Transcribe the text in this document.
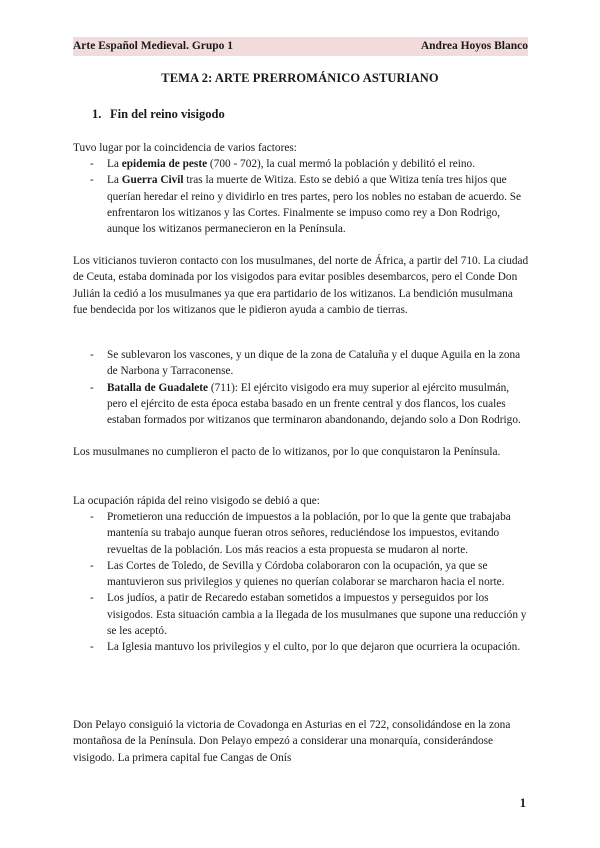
Arte Español Medieval. Grupo 1	Andrea Hoyos Blanco
TEMA 2: ARTE PRERROMÁNICO ASTURIANO
1. Fin del reino visigodo

Tuvo lugar por la coincidencia de varios factores:

- La epidemia de peste (700 - 702), la cual mermó la población y debilitó el reino.
- La Guerra Civil tras la muerte de Witiza. Esto se debió a que Witiza tenía tres hijos que querían heredar el reino y dividirlo en tres partes, pero los nobles no estaban de acuerdo. Se enfrentaron los witizanos y las Cortes. Finalmente se impuso como rey a Don Rodrigo, aunque los witizanos permanecieron en la Península.

Los viticianos tuvieron contacto con los musulmanes, del norte de África, a partir del 710. La ciudad de Ceuta, estaba dominada por los visigodos para evitar posibles desembarcos, pero el Conde Don Julián la cedió a los musulmanes ya que era partidario de los witizanos. La bendición musulmana fue bendecida por los witizanos que le pidieron ayuda a cambio de tierras.

- Se sublevaron los vascones, y un dique de la zona de Cataluña y el duque Aguila en la zona de Narbona y Tarraconense.
- Batalla de Guadalete (711): El ejército visigodo era muy superior al ejército musulmán, pero el ejército de esta época estaba basado en un frente central y dos flancos, los cuales estaban formados por witizanos que terminaron abandonando, dejando solo a Don Rodrigo.

Los musulmanes no cumplieron el pacto de lo witizanos, por lo que conquistaron la Península.

La ocupación rápida del reino visigodo se debió a que:

- Prometieron una reducción de impuestos a la población, por lo que la gente que trabajaba mantenía su trabajo aunque fueran otros señores, reduciéndose los impuestos, evitando revueltas de la población. Los más reacios a esta propuesta se mudaron al norte.
- Las Cortes de Toledo, de Sevilla y Córdoba colaboraron con la ocupación, ya que se mantuvieron sus privilegios y quienes no querían colaborar se marcharon hacia el norte.
- Los judíos, a patir de Recaredo estaban sometidos a impuestos y perseguidos por los visigodos. Esta situación cambia a la llegada de los musulmanes que supone una reducción y se les aceptó.
- La Iglesia mantuvo los privilegios y el culto, por lo que dejaron que ocurriera la ocupación.

Don Pelayo consiguió la victoria de Covadonga en Asturias en el 722, consolidándose en la zona montañosa de la Península. Don Pelayo empezó a considerar una monarquía, considerándose visigodo. La primera capital fue Cangas de Onís

1
